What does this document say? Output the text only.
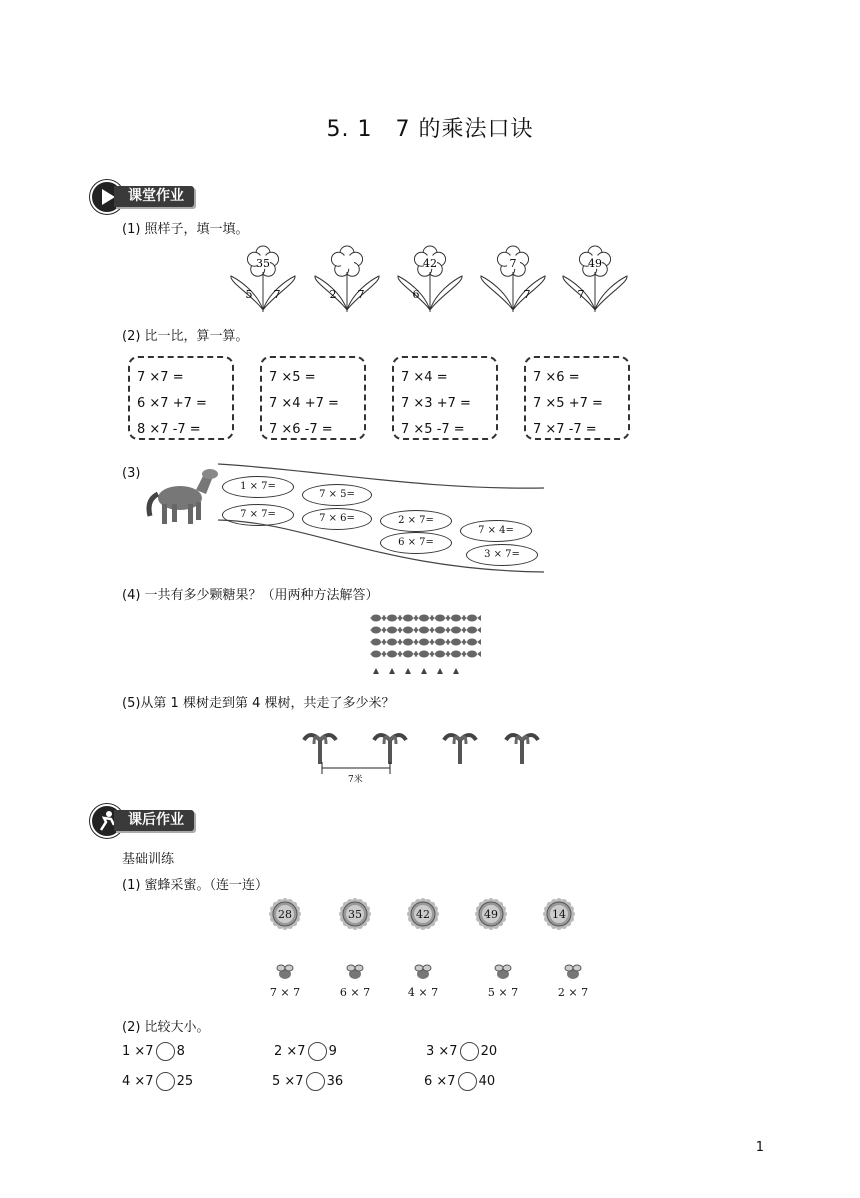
5. 1　7 的乘法口诀
课堂作业
(1) 照样子，填一填。
35
5 7	2 7
42
6
7
7
49
7
(2) 比一比，算一算。
7 ×7 =
6 ×7 +7 =
8 ×7 -7 =
7 ×5 =
7 ×4 +7 =
7 ×6 -7 =
7 ×4 =
7 ×3 +7 =
7 ×5 -7 =
7 ×6 =
7 ×5 +7 =
7 ×7 -7 =
(3)
1 × 7=
7 × 5=
7 × 7=	7 × 6=	2 × 7=
7 × 4=
6 × 7=
3 × 7=
(4) 一共有多少颗糖果？（用两种方法解答）
(5)从第 1 棵树走到第 4 棵树，共走了多少米？
7米
课后作业
基础训练
(1) 蜜蜂采蜜。（连一连）
28	35	42	49	14
7 × 7	6 × 7	4 × 7	5 × 7	2 × 7
(2) 比较大小。
1 ×7 8	2 ×7 9	3 ×7 20
4 ×7 25	5 ×7 36	6 ×7 40
1
